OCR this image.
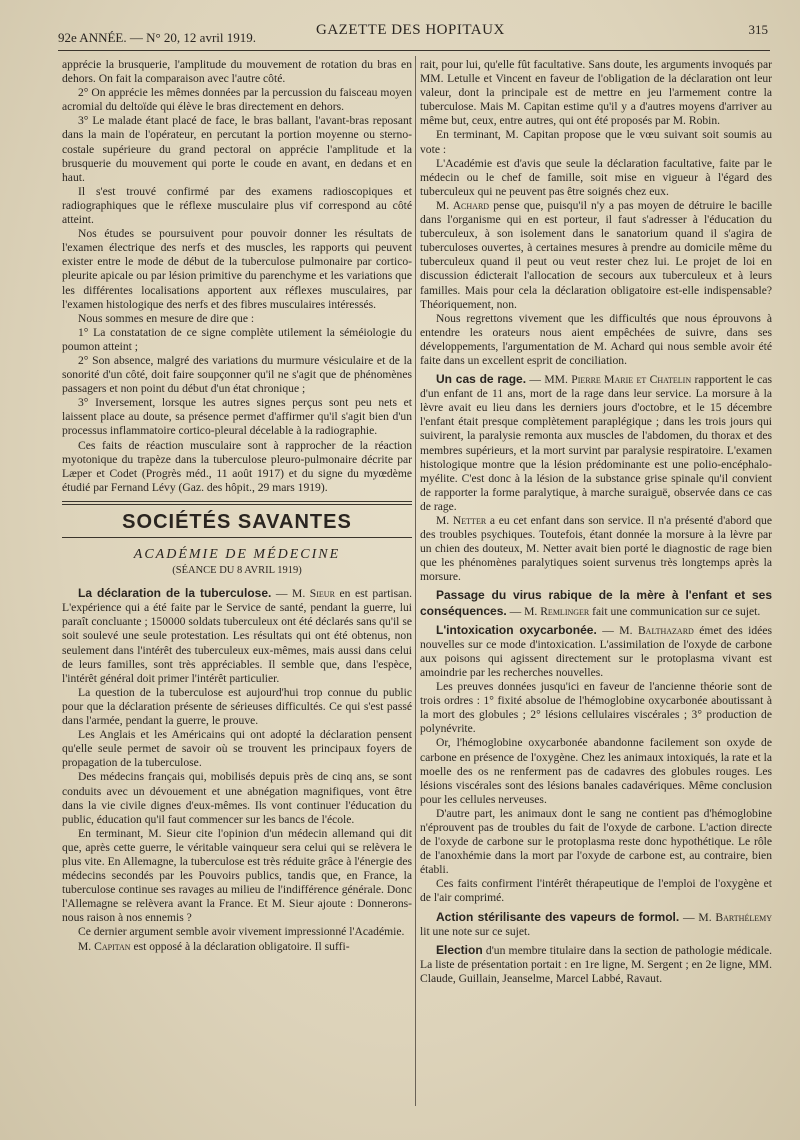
92e ANNÉE. — N° 20, 12 avril 1919.	GAZETTE DES HOPITAUX	315

apprécie la brusquerie, l'amplitude du mouvement de rotation du bras en dehors. On fait la comparaison avec l'autre côté.

2° On apprécie les mêmes données par la percussion du faisceau moyen acromial du deltoïde qui élève le bras directement en dehors.

3° Le malade étant placé de face, le bras ballant, l'avant-bras reposant dans la main de l'opérateur, en percutant la portion moyenne ou sterno-costale supérieure du grand pectoral on apprécie l'amplitude et la brusquerie du mouvement qui porte le coude en avant, en dedans et en haut.

Il s'est trouvé confirmé par des examens radioscopiques et radiographiques que le réflexe musculaire plus vif correspond au côté atteint.

Nos études se poursuivent pour pouvoir donner les résultats de l'examen électrique des nerfs et des muscles, les rapports qui peuvent exister entre le mode de début de la tuberculose pulmonaire par cortico-pleurite apicale ou par lésion primitive du parenchyme et les variations que les différentes localisations apportent aux réflexes musculaires, par l'examen histologique des nerfs et des fibres musculaires intéressés.

Nous sommes en mesure de dire que :

1° La constatation de ce signe complète utilement la séméiologie du poumon atteint ;

2° Son absence, malgré des variations du murmure vésiculaire et de la sonorité d'un côté, doit faire soupçonner qu'il ne s'agit que de phénomènes passagers et non point du début d'un état chronique ;

3° Inversement, lorsque les autres signes perçus sont peu nets et laissent place au doute, sa présence permet d'affirmer qu'il s'agit bien d'un processus inflammatoire cortico-pleural décelable à la radiographie.

Ces faits de réaction musculaire sont à rapprocher de la réaction myotonique du trapèze dans la tuberculose pleuro-pulmonaire décrite par Læper et Codet (Progrès méd., 11 août 1917) et du signe du myœdème étudié par Fernand Lévy (Gaz. des hôpit., 29 mars 1919).

SOCIÉTÉS SAVANTES
ACADÉMIE DE MÉDECINE
(SÉANCE DU 8 AVRIL 1919)

La déclaration de la tuberculose. — M. Sieur en est partisan. L'expérience qui a été faite par le Service de santé, pendant la guerre, lui paraît concluante ; 150000 soldats tuberculeux ont été déclarés sans qu'il se soit soulevé une seule protestation. Les résultats qui ont été obtenus, non seulement dans l'intérêt des tuberculeux eux-mêmes, mais aussi dans celui de leurs familles, sont très appréciables. Il semble que, dans l'espèce, l'intérêt général doit primer l'intérêt particulier.

La question de la tuberculose est aujourd'hui trop connue du public pour que la déclaration présente de sérieuses difficultés. Ce qui s'est passé dans l'armée, pendant la guerre, le prouve.

Les Anglais et les Américains qui ont adopté la déclaration pensent qu'elle seule permet de savoir où se trouvent les principaux foyers de propagation de la tuberculose.

Des médecins français qui, mobilisés depuis près de cinq ans, se sont conduits avec un dévouement et une abnégation magnifiques, vont être dans la vie civile dignes d'eux-mêmes. Ils vont continuer l'éducation du public, éducation qu'il faut commencer sur les bancs de l'école.

En terminant, M. Sieur cite l'opinion d'un médecin allemand qui dit que, après cette guerre, le véritable vainqueur sera celui qui se relèvera le plus vite. En Allemagne, la tuberculose est très réduite grâce à l'énergie des médecins secondés par les Pouvoirs publics, tandis que, en France, la tuberculose continue ses ravages au milieu de l'indifférence générale. Donc l'Allemagne se relèvera avant la France. Et M. Sieur ajoute : Donnerons-nous raison à nos ennemis ?

Ce dernier argument semble avoir vivement impressionné l'Académie.

M. Capitan est opposé à la déclaration obligatoire. Il suffi-

rait, pour lui, qu'elle fût facultative. Sans doute, les arguments invoqués par MM. Letulle et Vincent en faveur de l'obligation de la déclaration ont leur valeur, dont la principale est de mettre en jeu l'armement contre la tuberculose. Mais M. Capitan estime qu'il y a d'autres moyens d'arriver au même but, ceux, entre autres, qui ont été proposés par M. Robin.

En terminant, M. Capitan propose que le vœu suivant soit soumis au vote :

L'Académie est d'avis que seule la déclaration facultative, faite par le médecin ou le chef de famille, soit mise en vigueur à l'égard des tuberculeux qui ne peuvent pas être soignés chez eux.

M. Achard pense que, puisqu'il n'y a pas moyen de détruire le bacille dans l'organisme qui en est porteur, il faut s'adresser à l'éducation du tuberculeux, à son isolement dans le sanatorium quand il s'agira de tuberculoses ouvertes, à certaines mesures à prendre au domicile même du tuberculeux quand il peut ou veut rester chez lui. Le projet de loi en discussion édicterait l'allocation de secours aux tuberculeux et à leurs familles. Mais pour cela la déclaration obligatoire est-elle indispensable? Théoriquement, non.

Nous regrettons vivement que les difficultés que nous éprouvons à entendre les orateurs nous aient empêchées de suivre, dans ses développements, l'argumentation de M. Achard qui nous semble avoir été faite dans un excellent esprit de conciliation.

Un cas de rage. — MM. Pierre Marie et Chatelin rapportent le cas d'un enfant de 11 ans, mort de la rage dans leur service. La morsure à la lèvre avait eu lieu dans les derniers jours d'octobre, et le 15 décembre l'enfant était presque complètement paraplégique ; dans les trois jours qui suivirent, la paralysie remonta aux muscles de l'abdomen, du thorax et des membres supérieurs, et la mort survint par paralysie respiratoire. L'examen histologique montre que la lésion prédominante est une polio-encéphalo-myélite. C'est donc à la lésion de la substance grise spinale qu'il convient de rapporter la forme paralytique, à marche suraiguë, observée dans ce cas de rage.

M. Netter a eu cet enfant dans son service. Il n'a présenté d'abord que des troubles psychiques. Toutefois, étant donnée la morsure à la lèvre par un chien des douteux, M. Netter avait bien porté le diagnostic de rage bien que les phénomènes paralytiques soient survenus très longtemps après la morsure.

Passage du virus rabique de la mère à l'enfant et ses conséquences. — M. Remlinger fait une communication sur ce sujet.

L'intoxication oxycarbonée. — M. Balthazard émet des idées nouvelles sur ce mode d'intoxication. L'assimilation de l'oxyde de carbone aux poisons qui agissent directement sur le protoplasma vivant est amoindrie par les recherches nouvelles.

Les preuves données jusqu'ici en faveur de l'ancienne théorie sont de trois ordres : 1° fixité absolue de l'hémoglobine oxycarbonée aboutissant à la mort des globules ; 2° lésions cellulaires viscérales ; 3° production de polynévrite.

Or, l'hémoglobine oxycarbonée abandonne facilement son oxyde de carbone en présence de l'oxygène. Chez les animaux intoxiqués, la rate et la moelle des os ne renferment pas de cadavres des globules rouges. Les lésions viscérales sont des lésions banales cadavériques. Même conclusion pour les cellules nerveuses.

D'autre part, les animaux dont le sang ne contient pas d'hémoglobine n'éprouvent pas de troubles du fait de l'oxyde de carbone. L'action directe de l'oxyde de carbone sur le protoplasma reste donc hypothétique. Le rôle de l'anoxhémie dans la mort par l'oxyde de carbone est, au contraire, bien établi.

Ces faits confirment l'intérêt thérapeutique de l'emploi de l'oxygène et de l'air comprimé.

Action stérilisante des vapeurs de formol. — M. Barthélemy lit une note sur ce sujet.

Election d'un membre titulaire dans la section de pathologie médicale. La liste de présentation portait : en 1re ligne, M. Sergent ; en 2e ligne, MM. Claude, Guillain, Jeanselme, Marcel Labbé, Ravaut.
